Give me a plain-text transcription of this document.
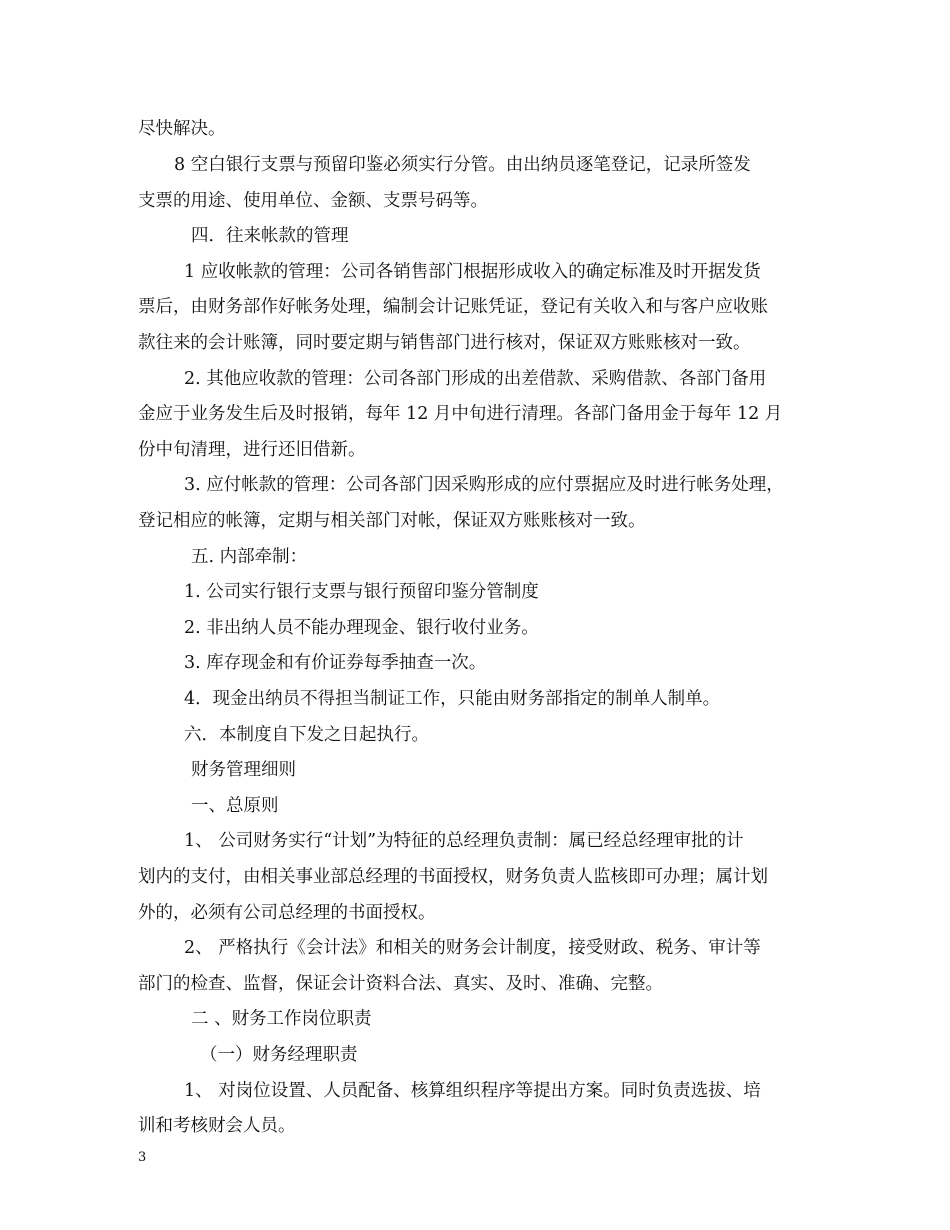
尽快解决。
8 空白银行支票与预留印鉴必须实行分管。由出纳员逐笔登记，记录所签发
支票的用途、使用单位、金额、支票号码等。
四．往来帐款的管理
1 应收帐款的管理：公司各销售部门根据形成收入的确定标准及时开据发货
票后，由财务部作好帐务处理，编制会计记账凭证，登记有关收入和与客户应收账
款往来的会计账簿，同时要定期与销售部门进行核对，保证双方账账核对一致。
2. 其他应收款的管理：公司各部门形成的出差借款、采购借款、各部门备用
金应于业务发生后及时报销，每年 12 月中旬进行清理。各部门备用金于每年 12 月
份中旬清理，进行还旧借新。
3. 应付帐款的管理：公司各部门因采购形成的应付票据应及时进行帐务处理，
登记相应的帐簿，定期与相关部门对帐，保证双方账账核对一致。
五. 内部牵制：
1. 公司实行银行支票与银行预留印鉴分管制度
2. 非出纳人员不能办理现金、银行收付业务。
3. 库存现金和有价证券每季抽查一次。
4．现金出纳员不得担当制证工作，只能由财务部指定的制单人制单。
六．本制度自下发之日起执行。
财务管理细则
一、总原则
1、 公司财务实行“计划”为特征的总经理负责制：属已经总经理审批的计
划内的支付，由相关事业部总经理的书面授权，财务负责人监核即可办理；属计划
外的，必须有公司总经理的书面授权。
2、 严格执行《会计法》和相关的财务会计制度，接受财政、税务、审计等
部门的检查、监督，保证会计资料合法、真实、及时、准确、完整。
二 、财务工作岗位职责
（一）财务经理职责
1、 对岗位设置、人员配备、核算组织程序等提出方案。同时负责选拔、培
训和考核财会人员。
3
